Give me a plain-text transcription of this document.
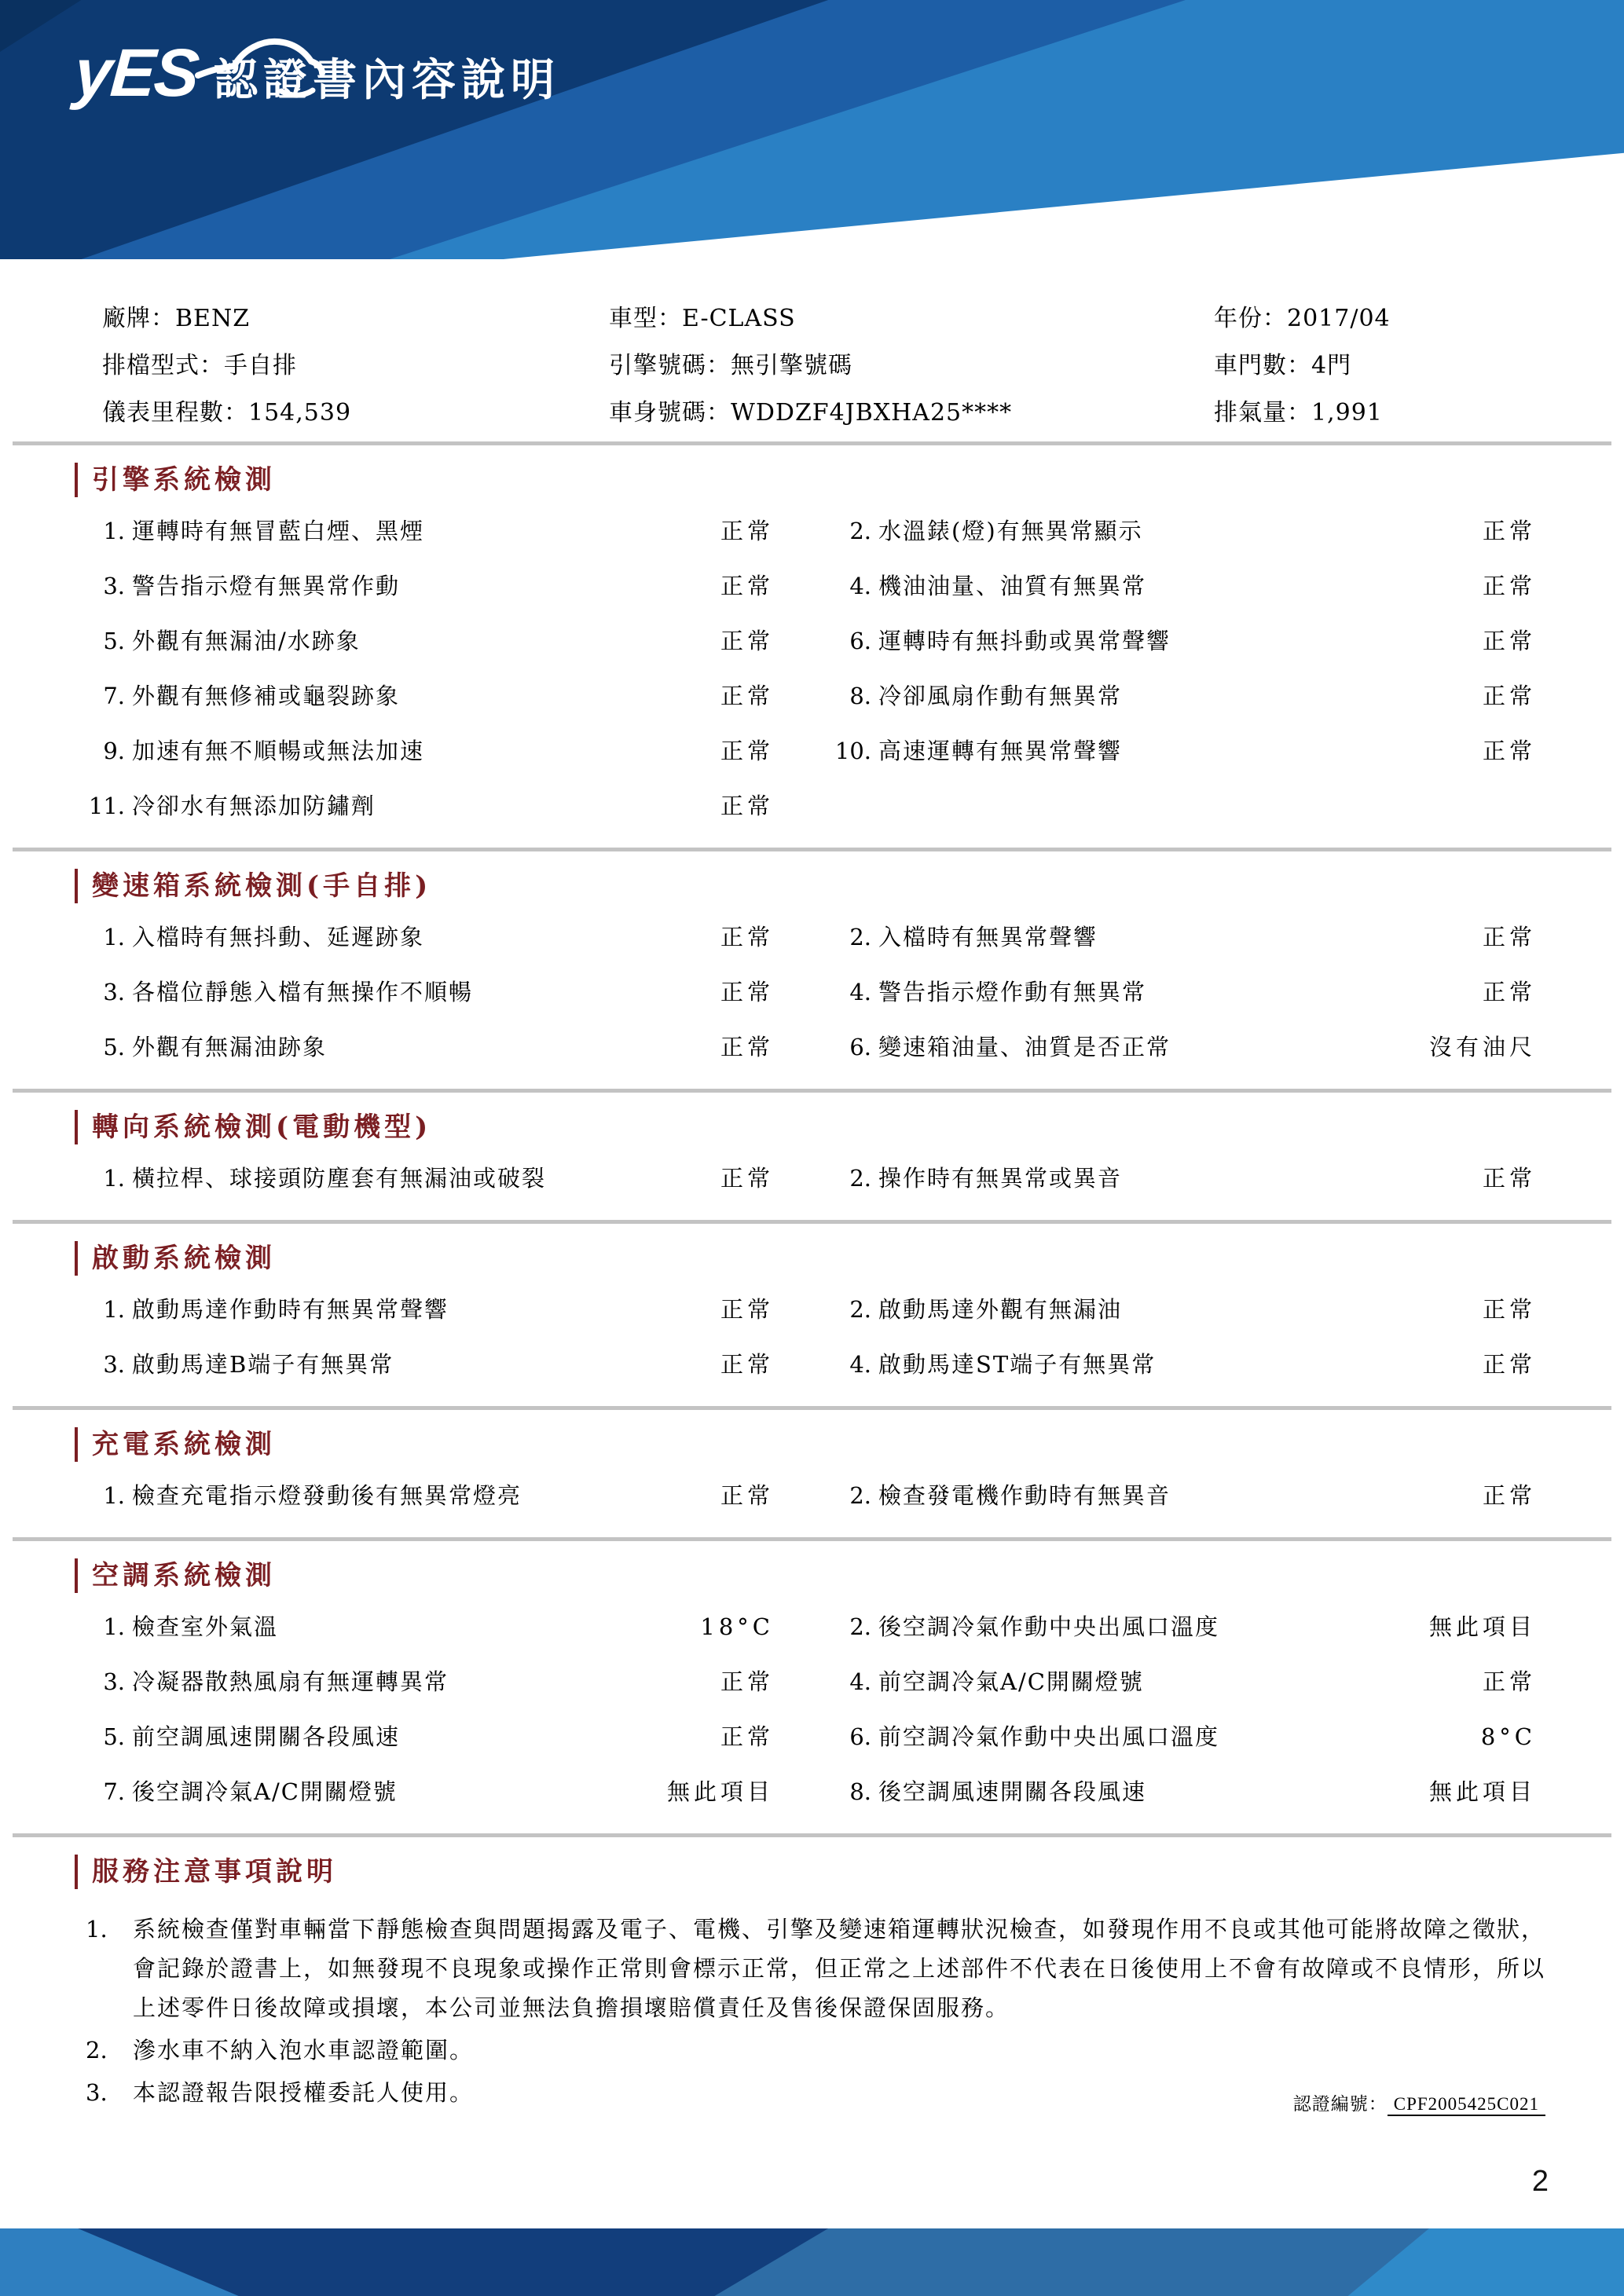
yES 認證書內容說明
廠牌：BENZ	車型：E-CLASS	年份：2017/04
排檔型式：手自排	引擎號碼：無引擎號碼	車門數：4門
儀表里程數：154,539	車身號碼：WDDZF4JBXHA25****	排氣量：1,991
引擎系統檢測
1. 運轉時有無冒藍白煙、黑煙	正常	2. 水溫錶(燈)有無異常顯示	正常
3. 警告指示燈有無異常作動	正常	4. 機油油量、油質有無異常	正常
5. 外觀有無漏油/水跡象	正常	6. 運轉時有無抖動或異常聲響	正常
7. 外觀有無修補或龜裂跡象	正常	8. 冷卻風扇作動有無異常	正常
9. 加速有無不順暢或無法加速	正常	10. 高速運轉有無異常聲響	正常
11. 冷卻水有無添加防鏽劑	正常
變速箱系統檢測(手自排)
1. 入檔時有無抖動、延遲跡象	正常	2. 入檔時有無異常聲響	正常
3. 各檔位靜態入檔有無操作不順暢	正常	4. 警告指示燈作動有無異常	正常
5. 外觀有無漏油跡象	正常	6. 變速箱油量、油質是否正常	沒有油尺
轉向系統檢測(電動機型)
1. 橫拉桿、球接頭防塵套有無漏油或破裂	正常	2. 操作時有無異常或異音	正常
啟動系統檢測
1. 啟動馬達作動時有無異常聲響	正常	2. 啟動馬達外觀有無漏油	正常
3. 啟動馬達B端子有無異常	正常	4. 啟動馬達ST端子有無異常	正常
充電系統檢測
1. 檢查充電指示燈發動後有無異常燈亮	正常	2. 檢查發電機作動時有無異音	正常
空調系統檢測
1. 檢查室外氣溫	18°C	2. 後空調冷氣作動中央出風口溫度	無此項目
3. 冷凝器散熱風扇有無運轉異常	正常	4. 前空調冷氣A/C開關燈號	正常
5. 前空調風速開關各段風速	正常	6. 前空調冷氣作動中央出風口溫度	8°C
7. 後空調冷氣A/C開關燈號	無此項目	8. 後空調風速開關各段風速	無此項目
服務注意事項說明
1.	系統檢查僅對車輛當下靜態檢查與問題揭露及電子、電機、引擎及變速箱運轉狀況檢查，如發現作用不良或其他可能將故障之徵狀，會記錄於證書上，如無發現不良現象或操作正常則會標示正常，但正常之上述部件不代表在日後使用上不會有故障或不良情形，所以上述零件日後故障或損壞，本公司並無法負擔損壞賠償責任及售後保證保固服務。
2.	滲水車不納入泡水車認證範圍。
3.	本認證報告限授權委託人使用。	認證編號： CPF2005425C021
2
